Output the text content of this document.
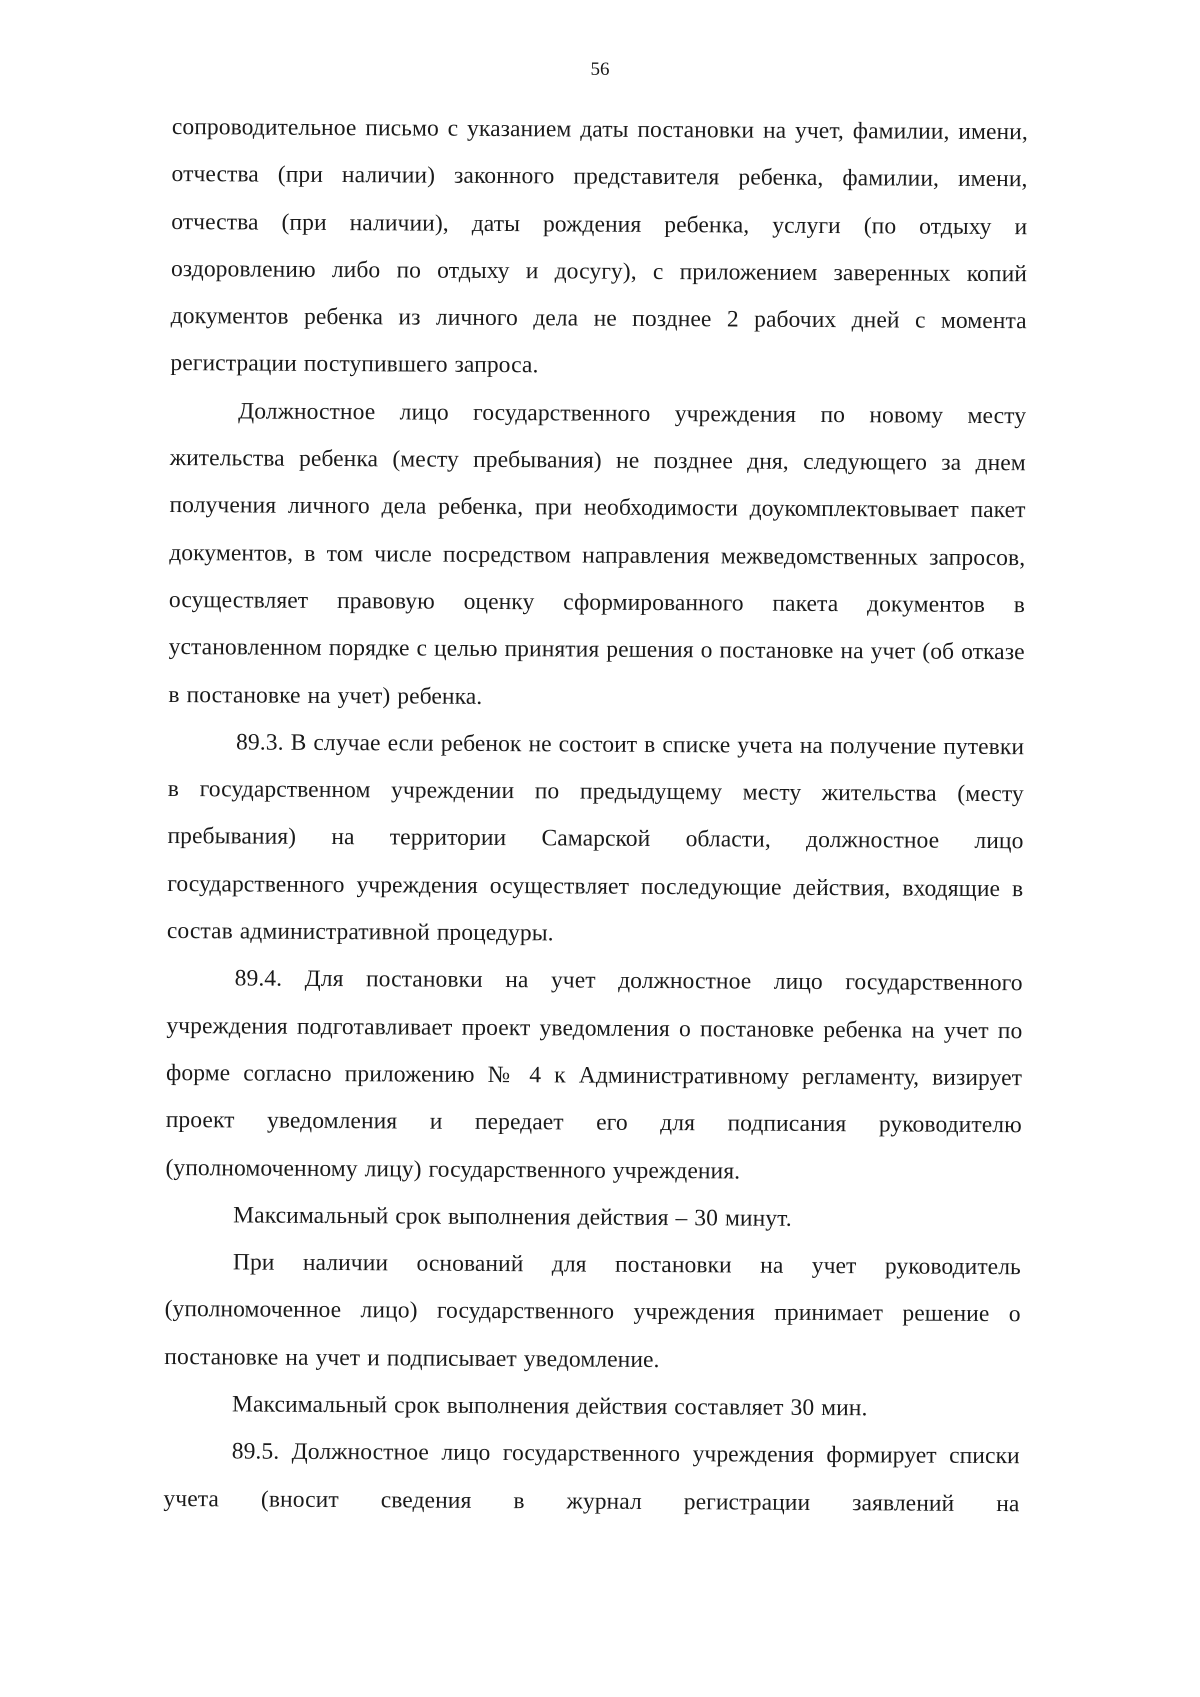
56

сопроводительное письмо с указанием даты постановки на учет, фамилии, имени, отчества (при наличии) законного представителя ребенка, фамилии, имени, отчества (при наличии), даты рождения ребенка, услуги (по отдыху и оздоровлению либо по отдыху и досугу), с приложением заверенных копий документов ребенка из личного дела не позднее 2 рабочих дней с момента регистрации поступившего запроса.

Должностное лицо государственного учреждения по новому месту жительства ребенка (месту пребывания) не позднее дня, следующего за днем получения личного дела ребенка, при необходимости доукомплектовывает пакет документов, в том числе посредством направления межведомственных запросов, осуществляет правовую оценку сформированного пакета документов в установленном порядке с целью принятия решения о постановке на учет (об отказе в постановке на учет) ребенка.

89.3. В случае если ребенок не состоит в списке учета на получение путевки в государственном учреждении по предыдущему месту жительства (месту пребывания) на территории Самарской области, должностное лицо государственного учреждения осуществляет последующие действия, входящие в состав административной процедуры.

89.4. Для постановки на учет должностное лицо государственного учреждения подготавливает проект уведомления о постановке ребенка на учет по форме согласно приложению № 4 к Административному регламенту, визирует проект уведомления и передает его для подписания руководителю (уполномоченному лицу) государственного учреждения.

Максимальный срок выполнения действия – 30 минут.

При наличии оснований для постановки на учет руководитель (уполномоченное лицо) государственного учреждения принимает решение о постановке на учет и подписывает уведомление.

Максимальный срок выполнения действия составляет 30 мин.

89.5. Должностное лицо государственного учреждения формирует списки учета (вносит сведения в журнал регистрации заявлений на
